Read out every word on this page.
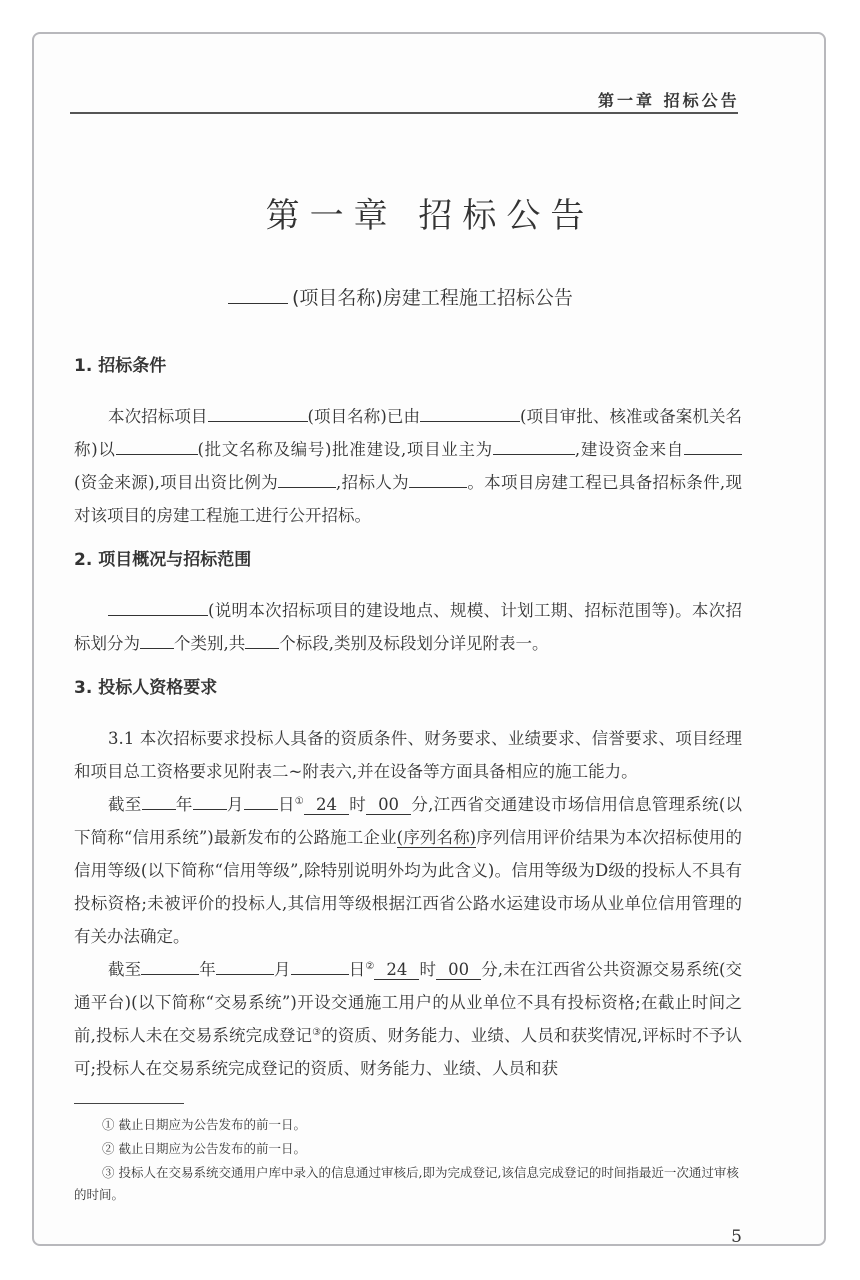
第一章 招标公告
第一章 招标公告
(项目名称)房建工程施工招标公告
1. 招标条件

本次招标项目	(项目名称)已由	(项目审批、核准或备案机关名称)以	(批文名称及编号)批准建设,项目业主为	,建设资金来自(资金来源),项目出资比例为	,招标人为	。本项目房建工程已具备招标条件,现对该项目的房建工程施工进行公开招标。

2. 项目概况与招标范围

(说明本次招标项目的建设地点、规模、计划工期、招标范围等)。本次招标划分为 个类别,共 个标段,类别及标段划分详见附表一。

3. 投标人资格要求

3.1 本次招标要求投标人具备的资质条件、财务要求、业绩要求、信誉要求、项目经理和项目总工资格要求见附表二~附表六,并在设备等方面具备相应的施工能力。

截至 年 月 日① 24 时 00 分,江西省交通建设市场信用信息管理系统(以下简称“信用系统”)最新发布的公路施工企业(序列名称)序列信用评价结果为本次招标使用的信用等级(以下简称“信用等级”,除特别说明外均为此含义)。信用等级为D级的投标人不具有投标资格;未被评价的投标人,其信用等级根据江西省公路水运建设市场从业单位信用管理的有关办法确定。

截至	年	月	日② 24 时 00 分,未在江西省公共资源交易系统(交通平台)(以下简称“交易系统”)开设交通施工用户的从业单位不具有投标资格;在截止时间之前,投标人未在交易系统完成登记③的资质、财务能力、业绩、人员和获奖情况,评标时不予认可;投标人在交易系统完成登记的资质、财务能力、业绩、人员和获

① 截止日期应为公告发布的前一日。

② 截止日期应为公告发布的前一日。

③ 投标人在交易系统交通用户库中录入的信息通过审核后,即为完成登记,该信息完成登记的时间指最近一次通过审核的时间。

5
